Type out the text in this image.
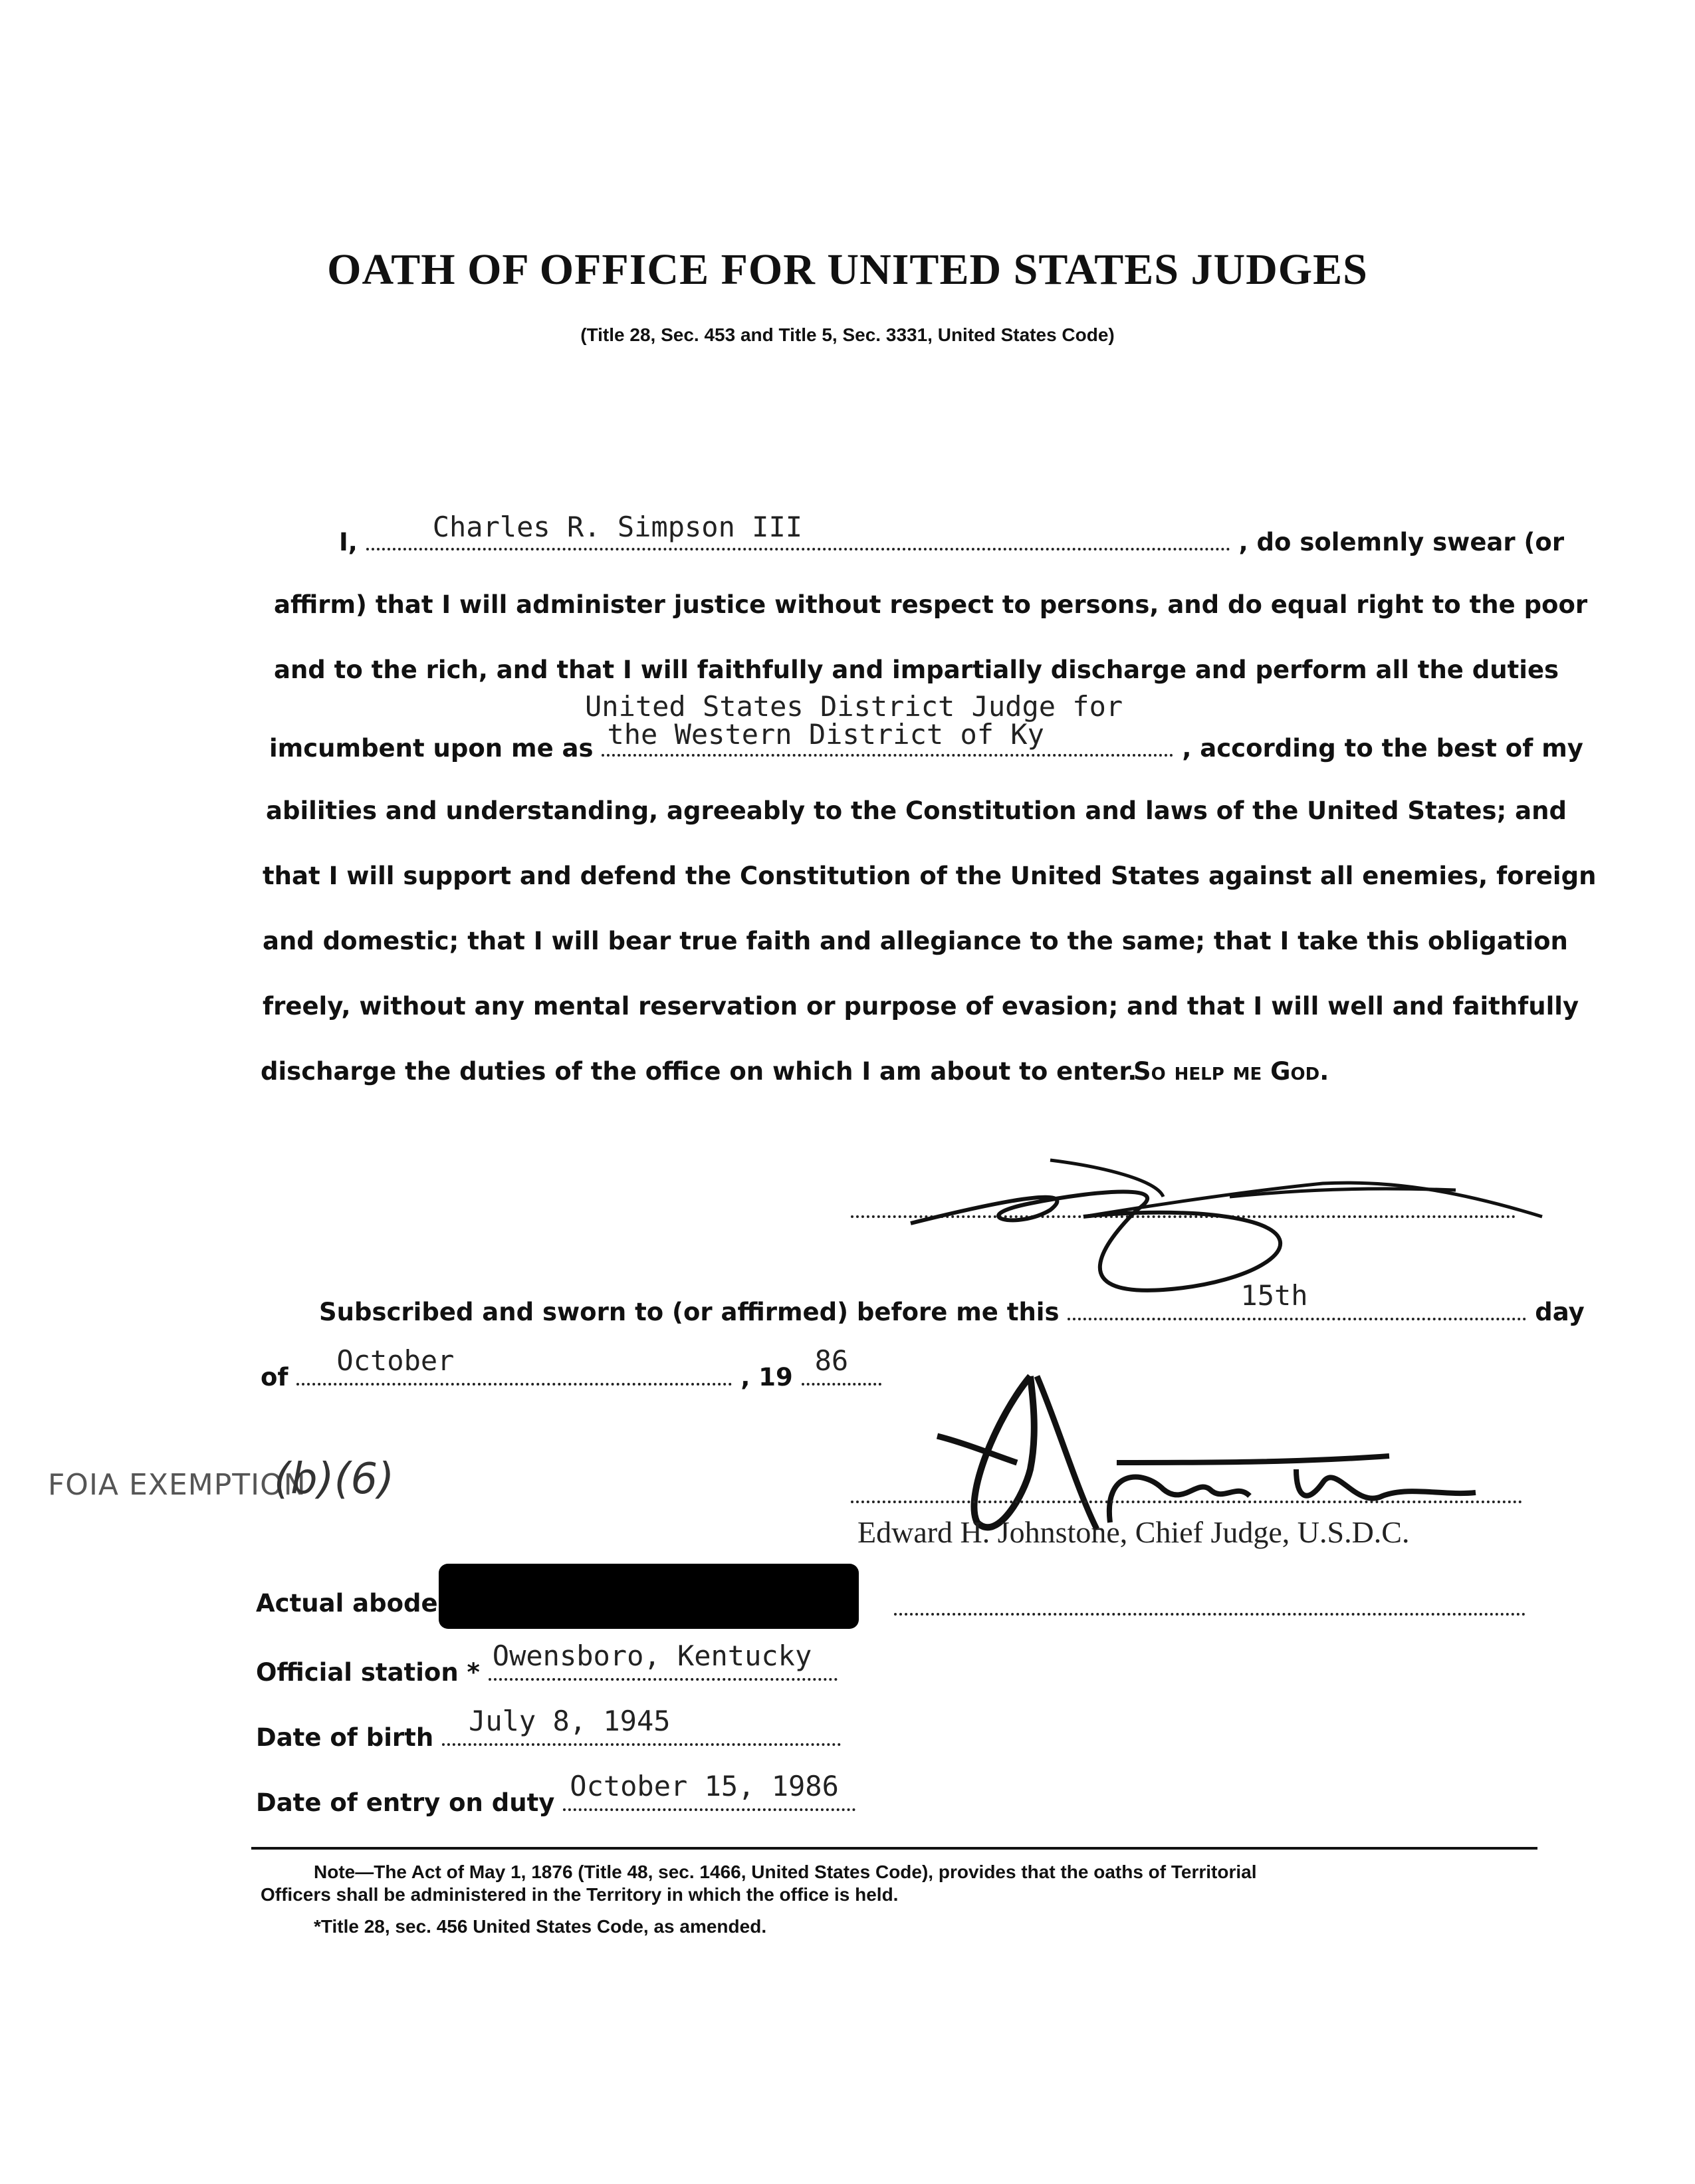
OATH OF OFFICE FOR UNITED STATES JUDGES
(Title 28, Sec. 453 and Title 5, Sec. 3331, United States Code)
I,	Charles R. Simpson III	, do solemnly swear (or
affirm) that I will administer justice without respect to persons, and do equal right to the poor
and to the rich, and that I will faithfully and impartially discharge and perform all the duties
United States District Judge for
imcumbent upon me as the Western District of Ky	, according to the best of my
abilities and understanding, agreeably to the Constitution and laws of the United States; and
that I will support and defend the Constitution of the United States against all enemies, foreign
and domestic; that I will bear true faith and allegiance to the same; that I take this obligation
freely, without any mental reservation or purpose of evasion; and that I will well and faithfully
discharge the duties of the office on which I am about to enter.
So help me God.
Subscribed and sworn to (or affirmed) before me this
15th
day
of
October
, 19
86
FOIA EXEMPTION
(b)(6)
Edward H. Johnstone, Chief Judge, U.S.D.C.
Actual abode
Official station *
Owensboro, Kentucky
Date of birth
July 8, 1945
Date of entry on duty
October 15, 1986
Note—The Act of May 1, 1876 (Title 48, sec. 1466, United States Code), provides that the oaths of Territorial
Officers shall be administered in the Territory in which the office is held.
*Title 28, sec. 456 United States Code, as amended.
